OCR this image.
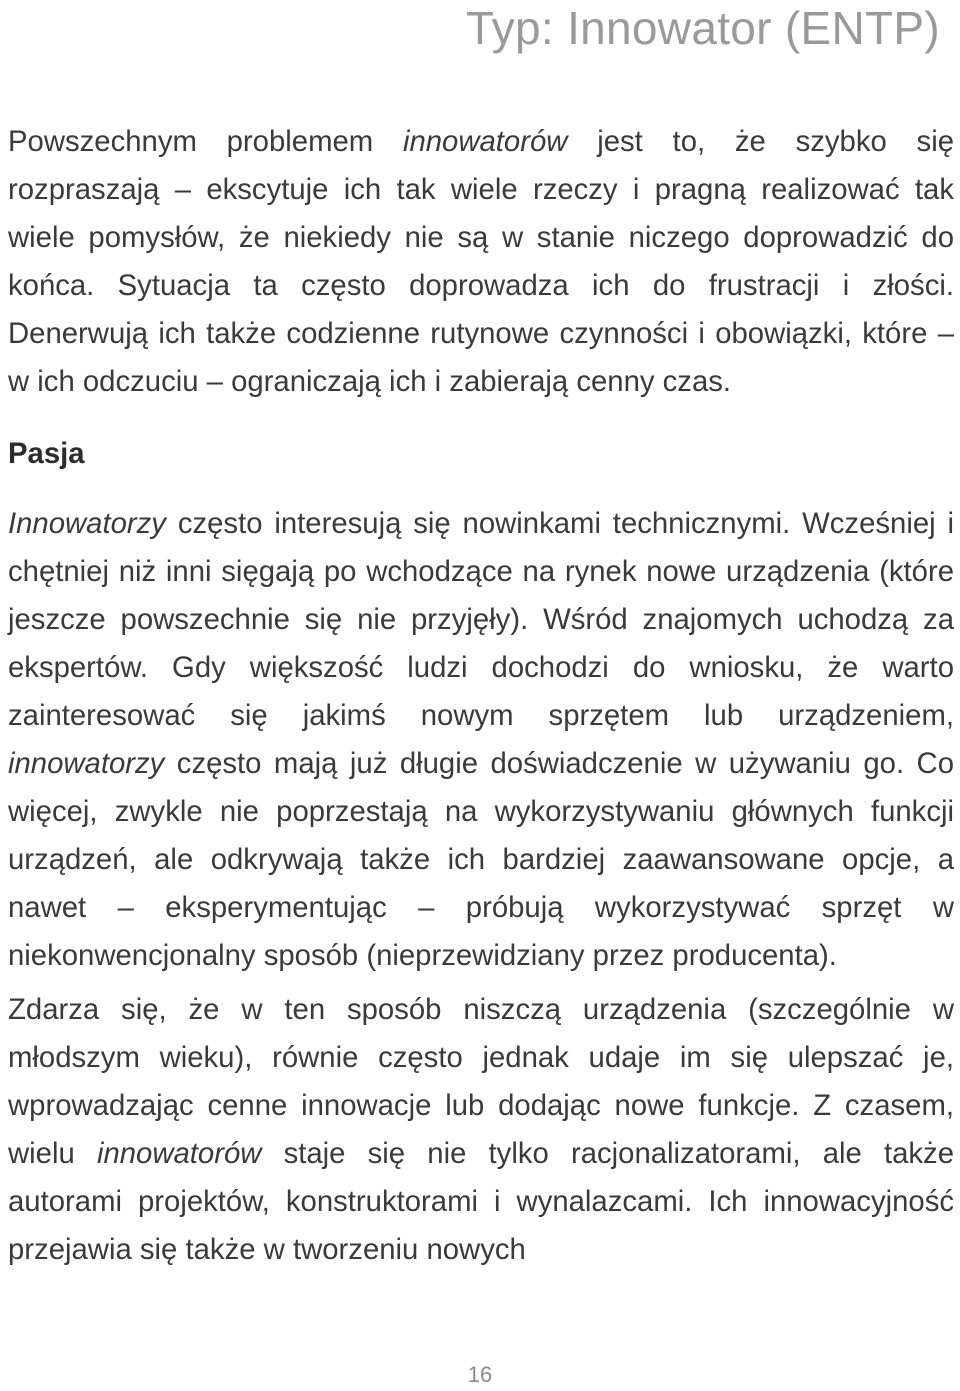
Typ: Innowator (ENTP)

Powszechnym problemem innowatorów jest to, że szybko się rozpraszają – ekscytuje ich tak wiele rzeczy i pragną realizować tak wiele pomysłów, że niekiedy nie są w stanie niczego doprowadzić do końca. Sytuacja ta często doprowadza ich do frustracji i złości. Denerwują ich także codzienne rutynowe czynności i obowiązki, które – w ich odczuciu – ograniczają ich i zabierają cenny czas.

Pasja

Innowatorzy często interesują się nowinkami technicznymi. Wcześniej i chętniej niż inni sięgają po wchodzące na rynek nowe urządzenia (które jeszcze powszechnie się nie przyjęły). Wśród znajomych uchodzą za ekspertów. Gdy większość ludzi dochodzi do wniosku, że warto zainteresować się jakimś nowym sprzętem lub urządzeniem, innowatorzy często mają już długie doświadczenie w używaniu go. Co więcej, zwykle nie poprzestają na wykorzystywaniu głównych funkcji urządzeń, ale odkrywają także ich bardziej zaawansowane opcje, a nawet – eksperymentując – próbują wykorzystywać sprzęt w niekonwencjonalny sposób (nieprzewidziany przez producenta).

Zdarza się, że w ten sposób niszczą urządzenia (szczególnie w młodszym wieku), równie często jednak udaje im się ulepszać je, wprowadzając cenne innowacje lub dodając nowe funkcje. Z czasem, wielu innowatorów staje się nie tylko racjonalizatorami, ale także autorami projektów, konstruktorami i wynalazcami. Ich innowacyjność przejawia się także w tworzeniu nowych

16
